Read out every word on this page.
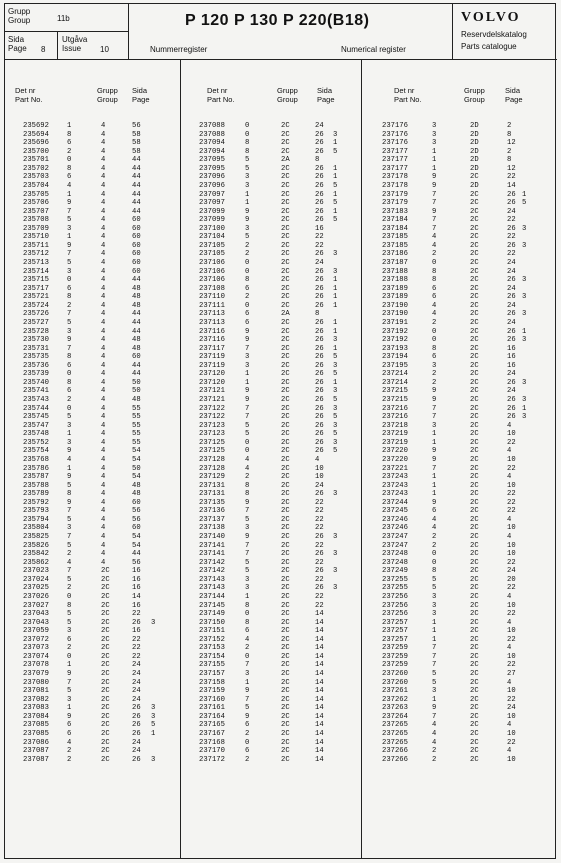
Grupp
Group	11b
Sida
Page 8
Utgåva
Issue	10
P 120 P 130 P 220(B18)
Nummerregister	Numerical register
VOLVO
Reservdelskatalog
Parts catalogue
Det nr
Part No.
Grupp
Group
Sida
Page
235692	1	4	56
235694	8	4	58
235696	6	4	58
235700	2	4	58
235701	0	4	44
235702	8	4	44
235703	6	4	44
235704	4	4	44
235705	1	4	44
235706	9	4	44
235707	7	4	44
235708	5	4	60
235709	3	4	60
235710	1	4	60
235711	9	4	60
235712	7	4	60
235713	5	4	60
235714	3	4	60
235715	0	4	44
235717	6	4	48
235721	8	4	48
235724	2	4	48
235726	7	4	44
235727	5	4	44
235728	3	4	44
235730	9	4	48
235731	7	4	48
235735	8	4	60
235736	6	4	44
235739	0	4	44
235740	8	4	50
235741	6	4	50
235743	2	4	48
235744	0	4	55
235745	5	4	55
235747	3	4	55
235748	1	4	55
235752	3	4	55
235754	9	4	54
235768	4	4	54
235786	1	4	50
235787	9	4	54
235788	5	4	48
235789	8	4	48
235792	9	4	60
235793	7	4	56
235794	5	4	56
235804	3	4	60
235825	7	4	54
235826	5	4	54
235842	2	4	44
235862	4	4	56
237023	7	2C	16
237024	5	2C	16
237025	2	2C	16
237026	0	2C	14
237027	8	2C	16
237043	5	2C	22
237043	5	2C	26 3
237059	3	2C	16
237072	6	2C	22
237073	2	2C	22
237074	0	2C	22
237078	1	2C	24
237079	9	2C	24
237080	7	2C	24
237081	5	2C	24
237082	3	2C	24
237083	1	2C	26 3
237084	9	2C	26 3
237085	6	2C	26 5
237085	6	2C	26 1
237086	4	2C	24
237087	2	2C	24
237087	2	2C	26 3
Det nr
Part No.
Grupp
Group
Sida
Page
237088	0	2C	24
237088	0	2C	26 3
237094	8	2C	26 1
237094	8	2C	26 5
237095	5	2A	8
237095	5	2C	26 1
237096	3	2C	26 1
237096	3	2C	26 5
237097	1	2C	26 1
237097	1	2C	26 5
237099	9	2C	26 1
237099	9	2C	26 5
237100	3	2C	16
237104	5	2C	22
237105	2	2C	22
237105	2	2C	26 3
237106	0	2C	24
237106	0	2C	26 3
237106	8	2C	26 1
237108	6	2C	26 1
237110	2	2C	26 1
237111	0	2C	26 1
237113	6	2A	8
237113	6	2C	26 1
237116	9	2C	26 1
237116	9	2C	26 3
237117	7	2C	26 1
237119	3	2C	26 5
237119	3	2C	26 3
237120	1	2C	26 5
237120	1	2C	26 1
237121	9	2C	26 3
237121	9	2C	26 5
237122	7	2C	26 3
237122	7	2C	26 5
237123	5	2C	26 3
237123	5	2C	26 5
237125	0	2C	26 3
237125	0	2C	26 5
237128	4	2C	4
237128	4	2C	10
237129	2	2C	10
237131	8	2C	24
237131	8	2C	26 3
237135	9	2C	22
237136	7	2C	22
237137	5	2C	22
237138	3	2C	22
237140	9	2C	26 3
237141	7	2C	22
237141	7	2C	26 3
237142	5	2C	22
237142	5	2C	26 3
237143	3	2C	22
237143	3	2C	26 3
237144	1	2C	22
237145	8	2C	22
237149	0	2C	14
237150	8	2C	14
237151	6	2C	14
237152	4	2C	14
237153	2	2C	14
237154	0	2C	14
237155	7	2C	14
237157	3	2C	14
237158	1	2C	14
237159	9	2C	14
237160	7	2C	14
237161	5	2C	14
237164	9	2C	14
237165	6	2C	14
237167	2	2C	14
237168	0	2C	14
237170	6	2C	14
237172	2	2C	14
Det nr
Part No.
Grupp
Group
Sida
Page
237176	3	2D	2
237176	3	2D	8
237176	3	2D	12
237177	1	2D	2
237177	1	2D	8
237177	1	2D	12
237178	9	2C	22
237178	9	2D	14
237179	7	2C	26 1
237179	7	2C	26 5
237183	9	2C	24
237184	7	2C	22
237184	7	2C	26 3
237185	4	2C	22
237185	4	2C	26 3
237186	2	2C	22
237187	0	2C	24
237188	8	2C	24
237188	8	2C	26 3
237189	6	2C	24
237189	6	2C	26 3
237190	4	2C	24
237190	4	2C	26 3
237191	2	2C	24
237192	0	2C	26 1
237192	0	2C	26 3
237193	8	2C	16
237194	6	2C	16
237195	3	2C	16
237214	2	2C	24
237214	2	2C	26 3
237215	9	2C	24
237215	9	2C	26 3
237216	7	2C	26 1
237216	7	2C	26 3
237218	3	2C	4
237219	1	2C	10
237219	1	2C	22
237220	9	2C	4
237220	9	2C	10
237221	7	2C	22
237243	1	2C	4
237243	1	2C	10
237243	1	2C	22
237244	9	2C	22
237245	6	2C	22
237246	4	2C	4
237246	4	2C	10
237247	2	2C	4
237247	2	2C	10
237248	0	2C	10
237248	0	2C	22
237249	8	2C	24
237255	5	2C	20
237255	5	2C	22
237256	3	2C	4
237256	3	2C	10
237256	3	2C	22
237257	1	2C	4
237257	1	2C	10
237257	1	2C	22
237259	7	2C	4
237259	7	2C	10
237259	7	2C	22
237260	5	2C	27
237260	5	2C	4
237261	3	2C	10
237262	1	2C	22
237263	9	2C	24
237264	7	2C	10
237265	4	2C	4
237265	4	2C	10
237265	4	2C	22
237266	2	2C	4
237266	2	2C	10
